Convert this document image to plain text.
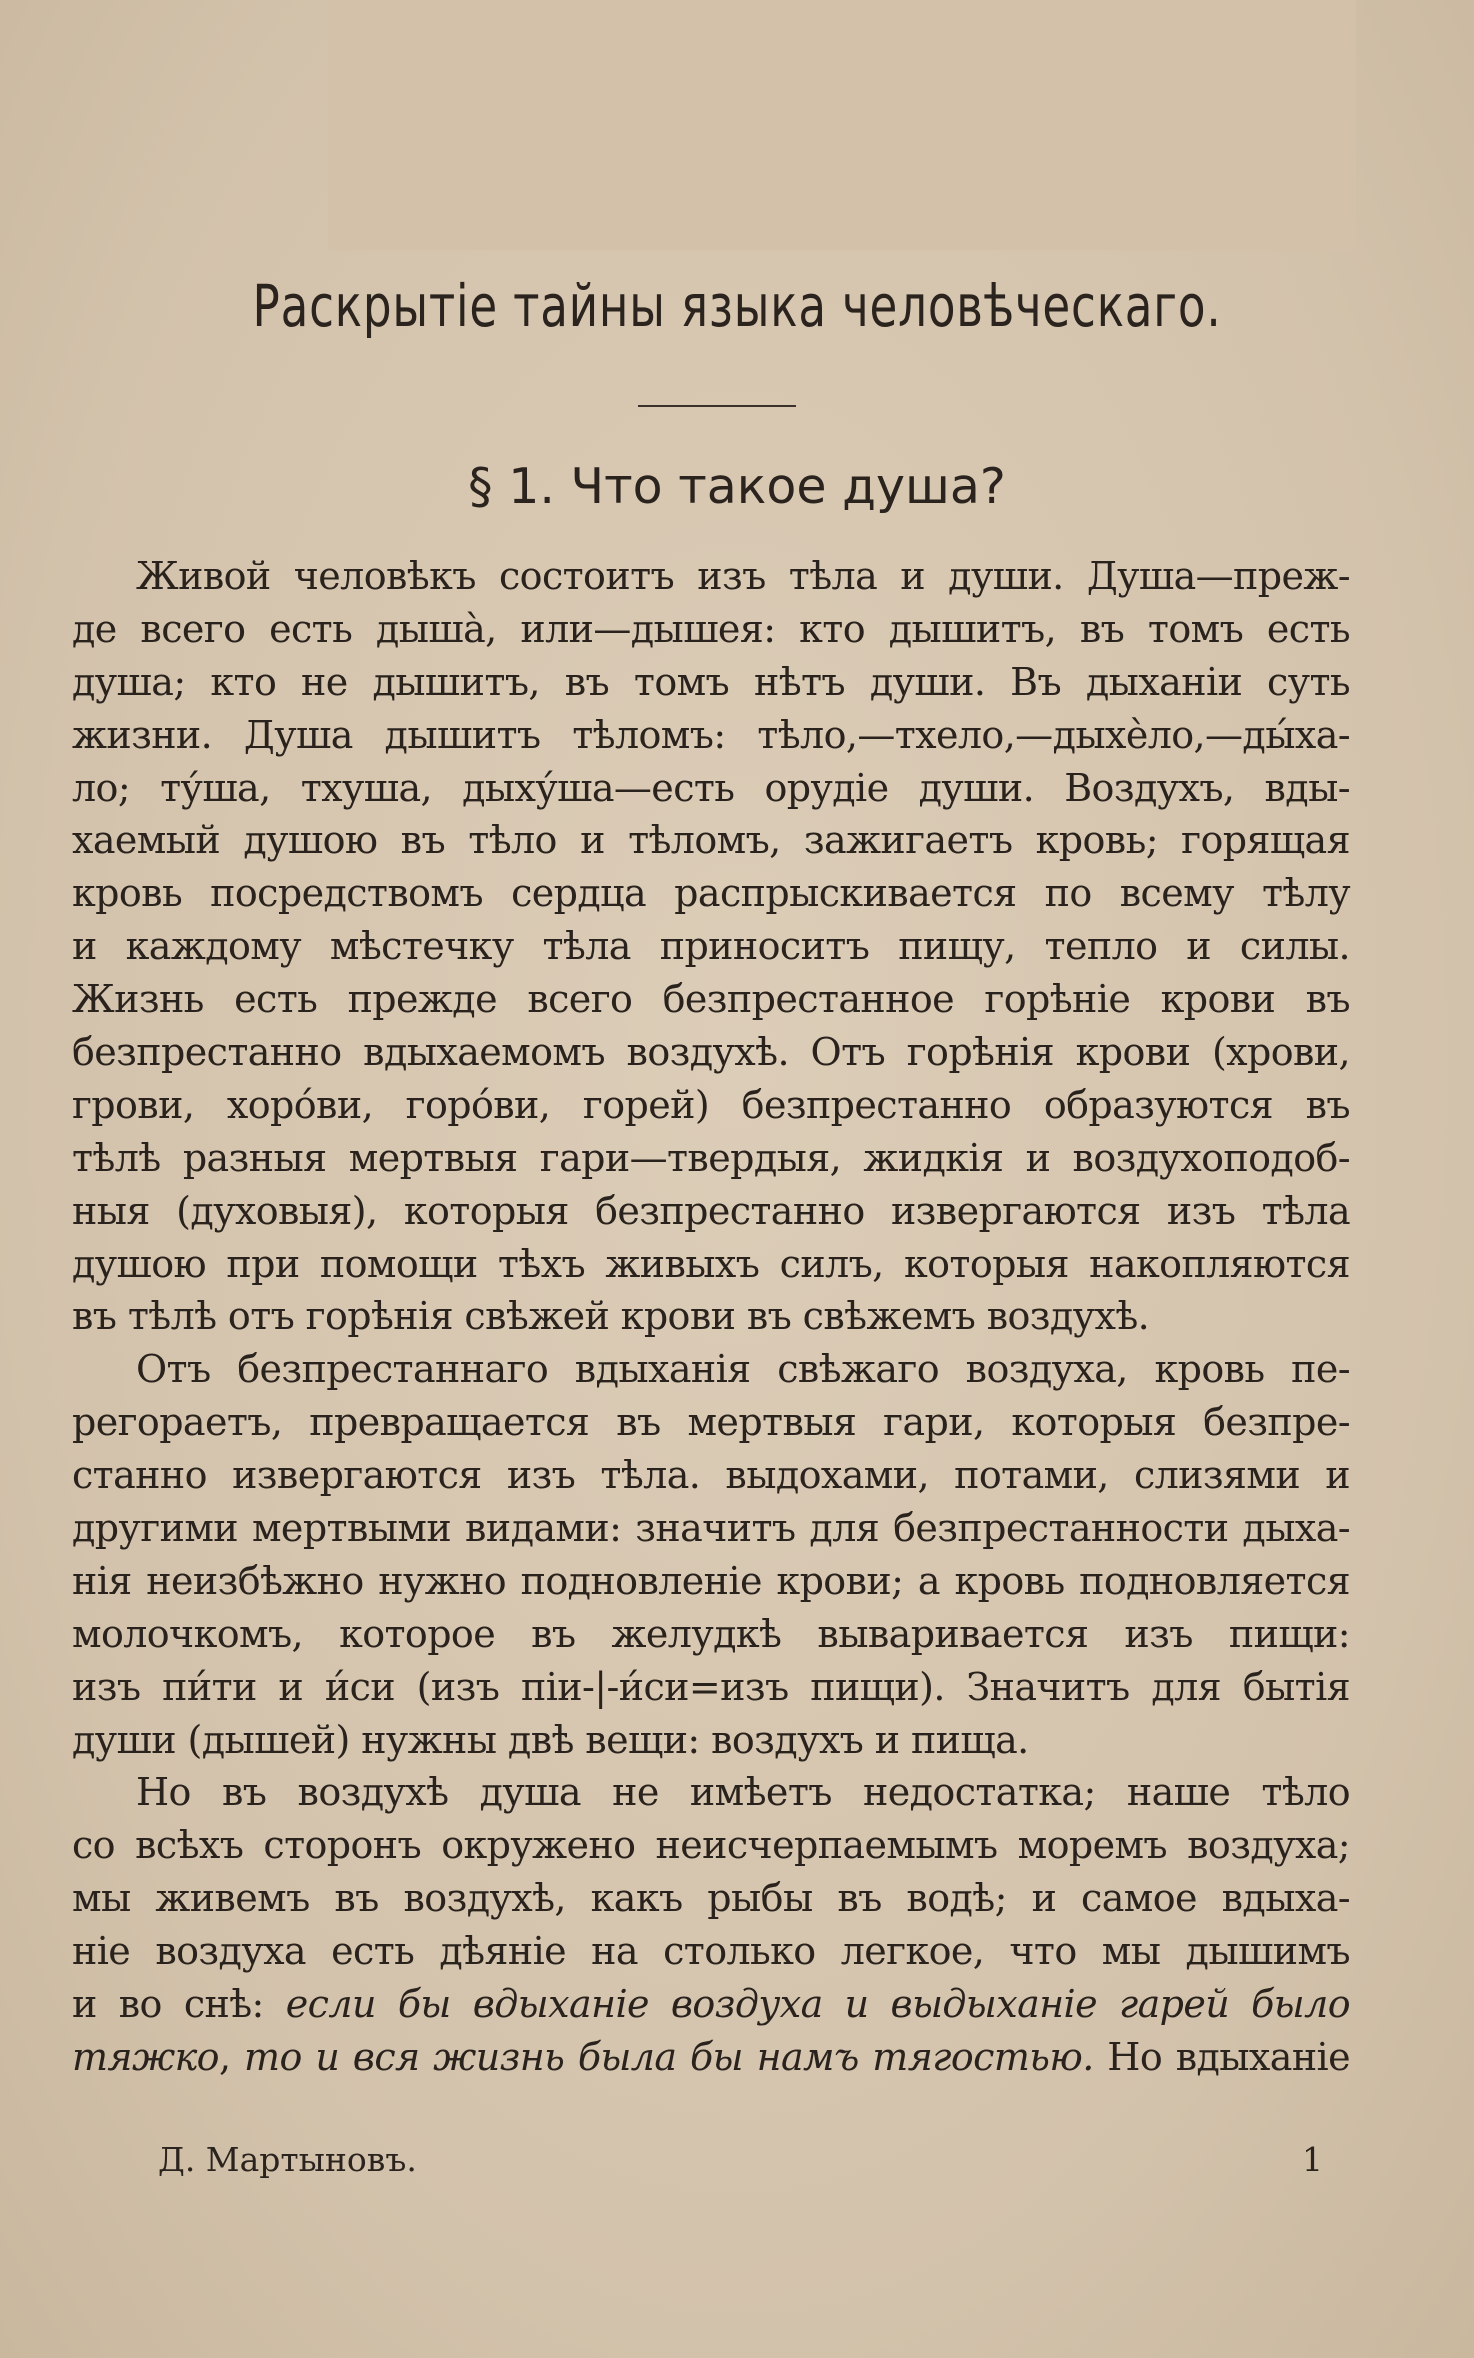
Раскрытіе тайны языка человѣческаго.
§ 1. Что такое душа?
Живой человѣкъ состоитъ изъ тѣла и души. Душа—преж-
де всего есть дыша̀, или—дышея: кто дышитъ, въ томъ есть
душа; кто не дышитъ, въ томъ нѣтъ души. Въ дыханіи суть
жизни. Душа дышитъ тѣломъ: тѣло,—тхело,—дыхѐло,—ды́ха-
ло; ту́ша, тхуша, дыху́ша—есть орудіе души. Воздухъ, вды-
хаемый душою въ тѣло и тѣломъ, зажигаетъ кровь; горящая
кровь посредствомъ сердца распрыскивается по всему тѣлу
и каждому мѣстечку тѣла приноситъ пищу, тепло и силы.
Жизнь есть прежде всего безпрестанное горѣніе крови въ
безпрестанно вдыхаемомъ воздухѣ. Отъ горѣнія крови (хрови,
грови, хоро́ви, горо́ви, горей) безпрестанно образуются въ
тѣлѣ разныя мертвыя гари—твердыя, жидкія и воздухоподоб-
ныя (духовыя), которыя безпрестанно извергаются изъ тѣла
душою при помощи тѣхъ живыхъ силъ, которыя накопляются
въ тѣлѣ отъ горѣнія свѣжей крови въ свѣжемъ воздухѣ.
Отъ безпрестаннаго вдыханія свѣжаго воздуха, кровь пе-
регораетъ, превращается въ мертвыя гари, которыя безпре-
станно извергаются изъ тѣла. выдохами, потами, слизями и
другими мертвыми видами: значитъ для безпрестанности дыха-
нія неизбѣжно нужно подновленіе крови; а кровь подновляется
молочкомъ, которое въ желудкѣ вываривается изъ пищи:
изъ пи́ти и и́си (изъ піи-|-и́си=изъ пищи). Значитъ для бытія
души (дышей) нужны двѣ вещи: воздухъ и пища.
Но въ воздухѣ душа не имѣетъ недостатка; наше тѣло
со всѣхъ сторонъ окружено неисчерпаемымъ моремъ воздуха;
мы живемъ въ воздухѣ, какъ рыбы въ водѣ; и самое вдыха-
ніе воздуха есть дѣяніе на столько легкое, что мы дышимъ
и во снѣ: если бы вдыханіе воздуха и выдыханіе гарей было
тяжко, то и вся жизнь была бы намъ тягостью. Но вдыханіе
Д. Мартыновъ.	1
